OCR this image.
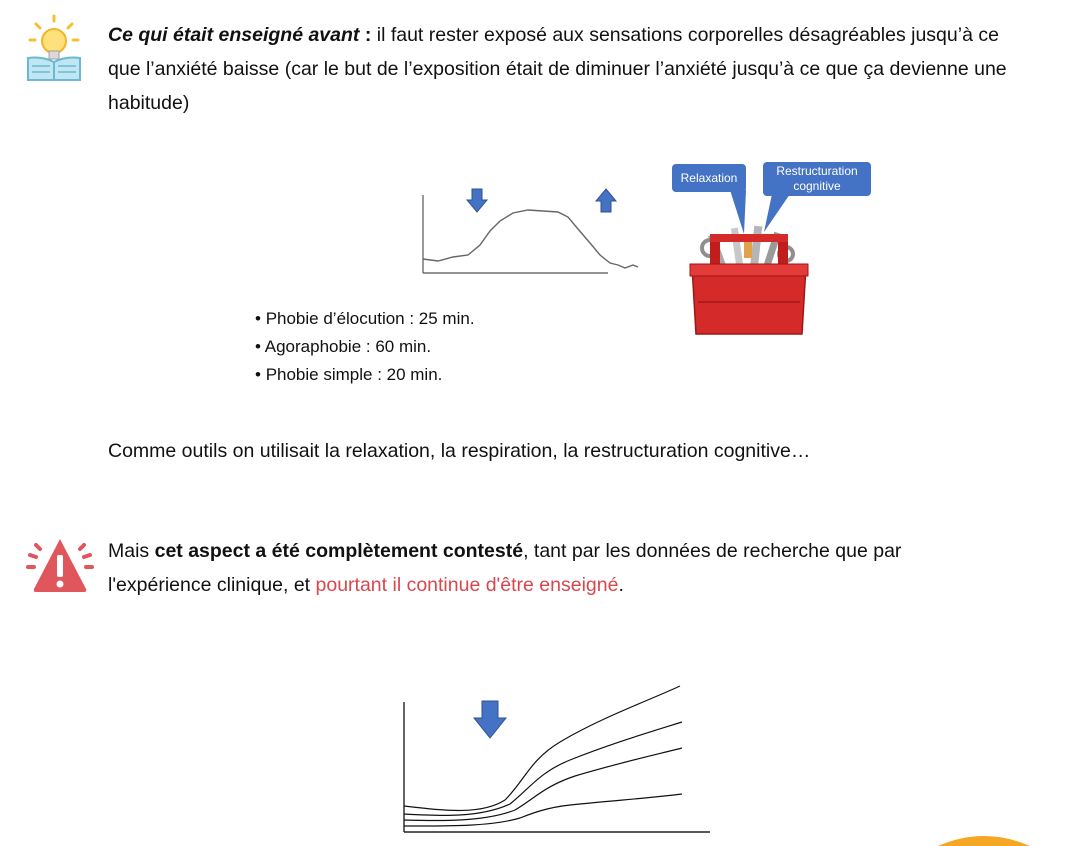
Ce qui était enseigné avant : il faut rester exposé aux sensations corporelles désagréables jusqu’à ce que l’anxiété baisse (car le but de l’exposition était de diminuer l’anxiété jusqu’à ce que ça devienne une habitude)

Relaxation	Restructuration cognitive
• Phobie d’élocution : 25 min.
• Agoraphobie : 60 min.
• Phobie simple : 20 min.

Comme outils on utilisait la relaxation, la respiration, la restructuration cognitive…

Mais cet aspect a été complètement contesté, tant par les données de recherche que par l'expérience clinique, et pourtant il continue d'être enseigné.
